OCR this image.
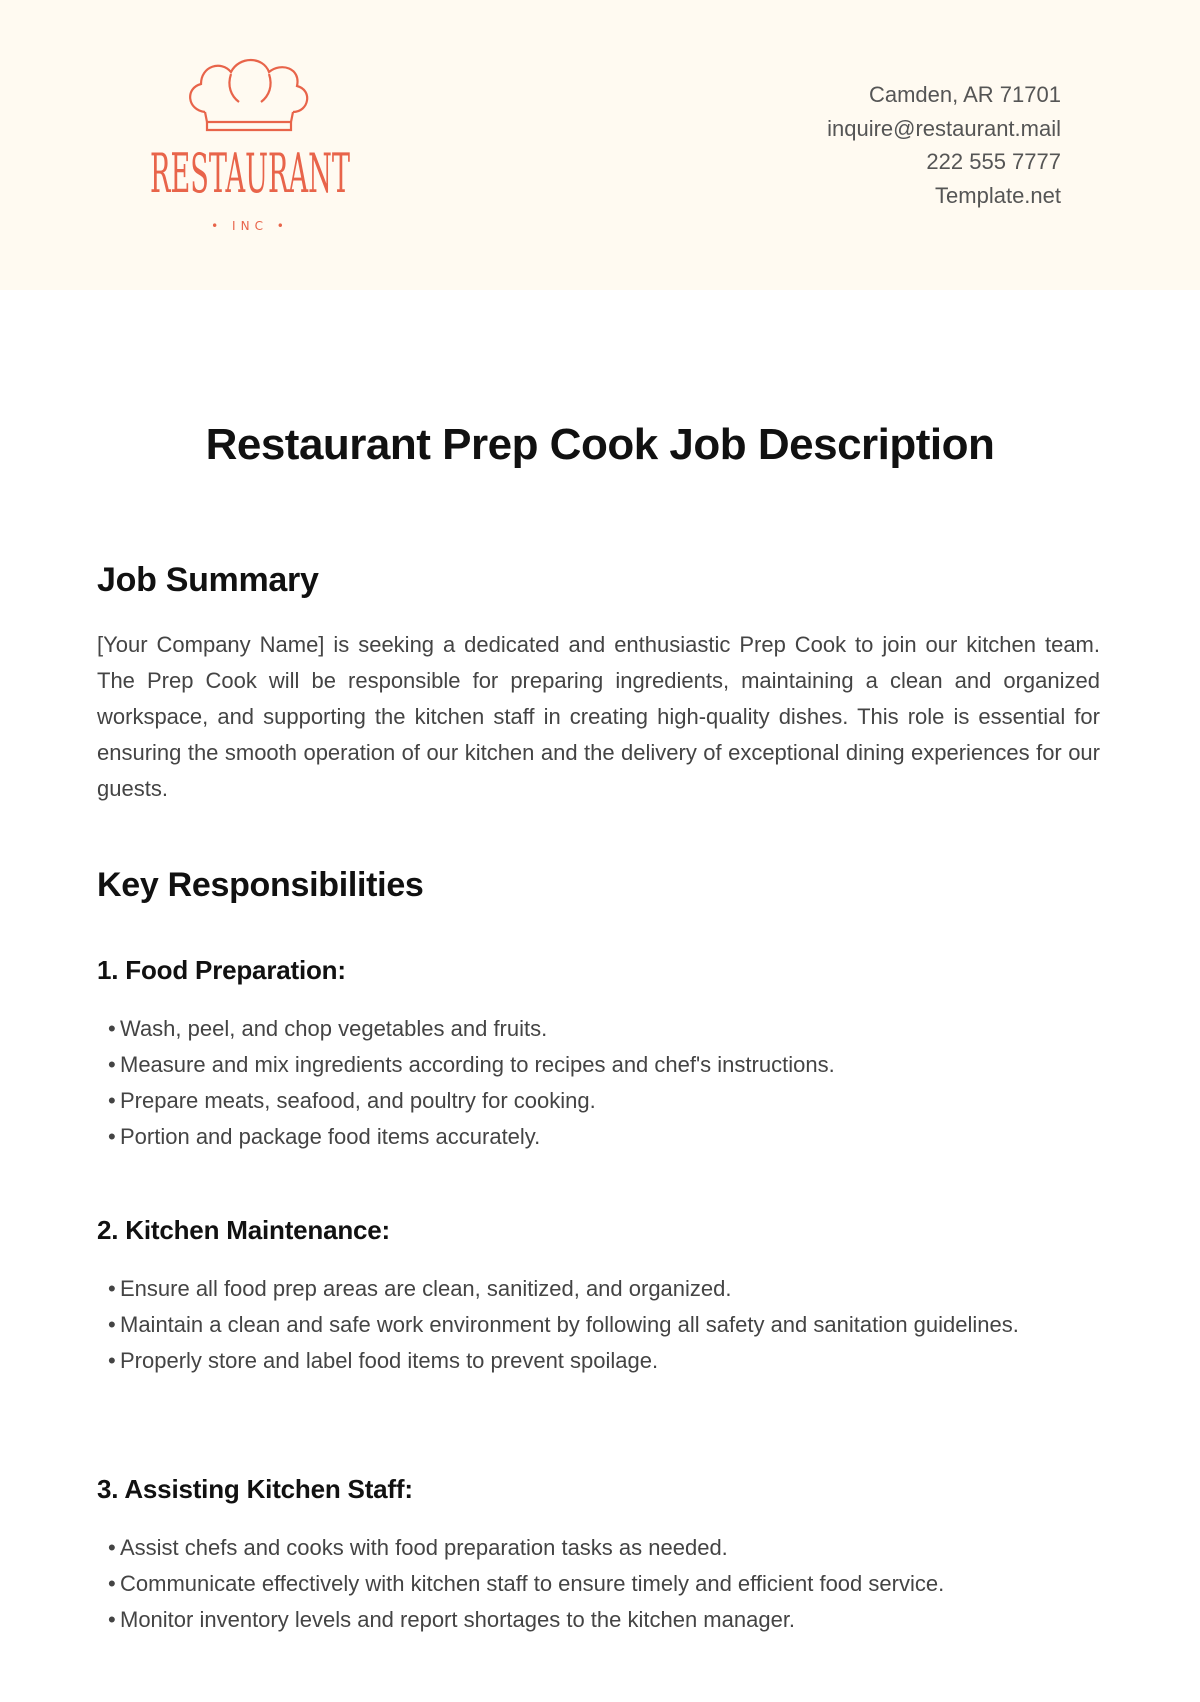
RESTAURANT
• INC •
Camden, AR 71701
inquire@restaurant.mail
222 555 7777
Template.net
Restaurant Prep Cook Job Description
Job Summary

[Your Company Name] is seeking a dedicated and enthusiastic Prep Cook to join our kitchen team. The Prep Cook will be responsible for preparing ingredients, maintaining a clean and organized workspace, and supporting the kitchen staff in creating high-quality dishes. This role is essential for ensuring the smooth operation of our kitchen and the delivery of exceptional dining experiences for our guests.

Key Responsibilities
1. Food Preparation:
• Wash, peel, and chop vegetables and fruits.
• Measure and mix ingredients according to recipes and chef's instructions.
• Prepare meats, seafood, and poultry for cooking.
• Portion and package food items accurately.
2. Kitchen Maintenance:
• Ensure all food prep areas are clean, sanitized, and organized.
• Maintain a clean and safe work environment by following all safety and sanitation guidelines.
• Properly store and label food items to prevent spoilage.
3. Assisting Kitchen Staff:
• Assist chefs and cooks with food preparation tasks as needed.
• Communicate effectively with kitchen staff to ensure timely and efficient food service.
• Monitor inventory levels and report shortages to the kitchen manager.
